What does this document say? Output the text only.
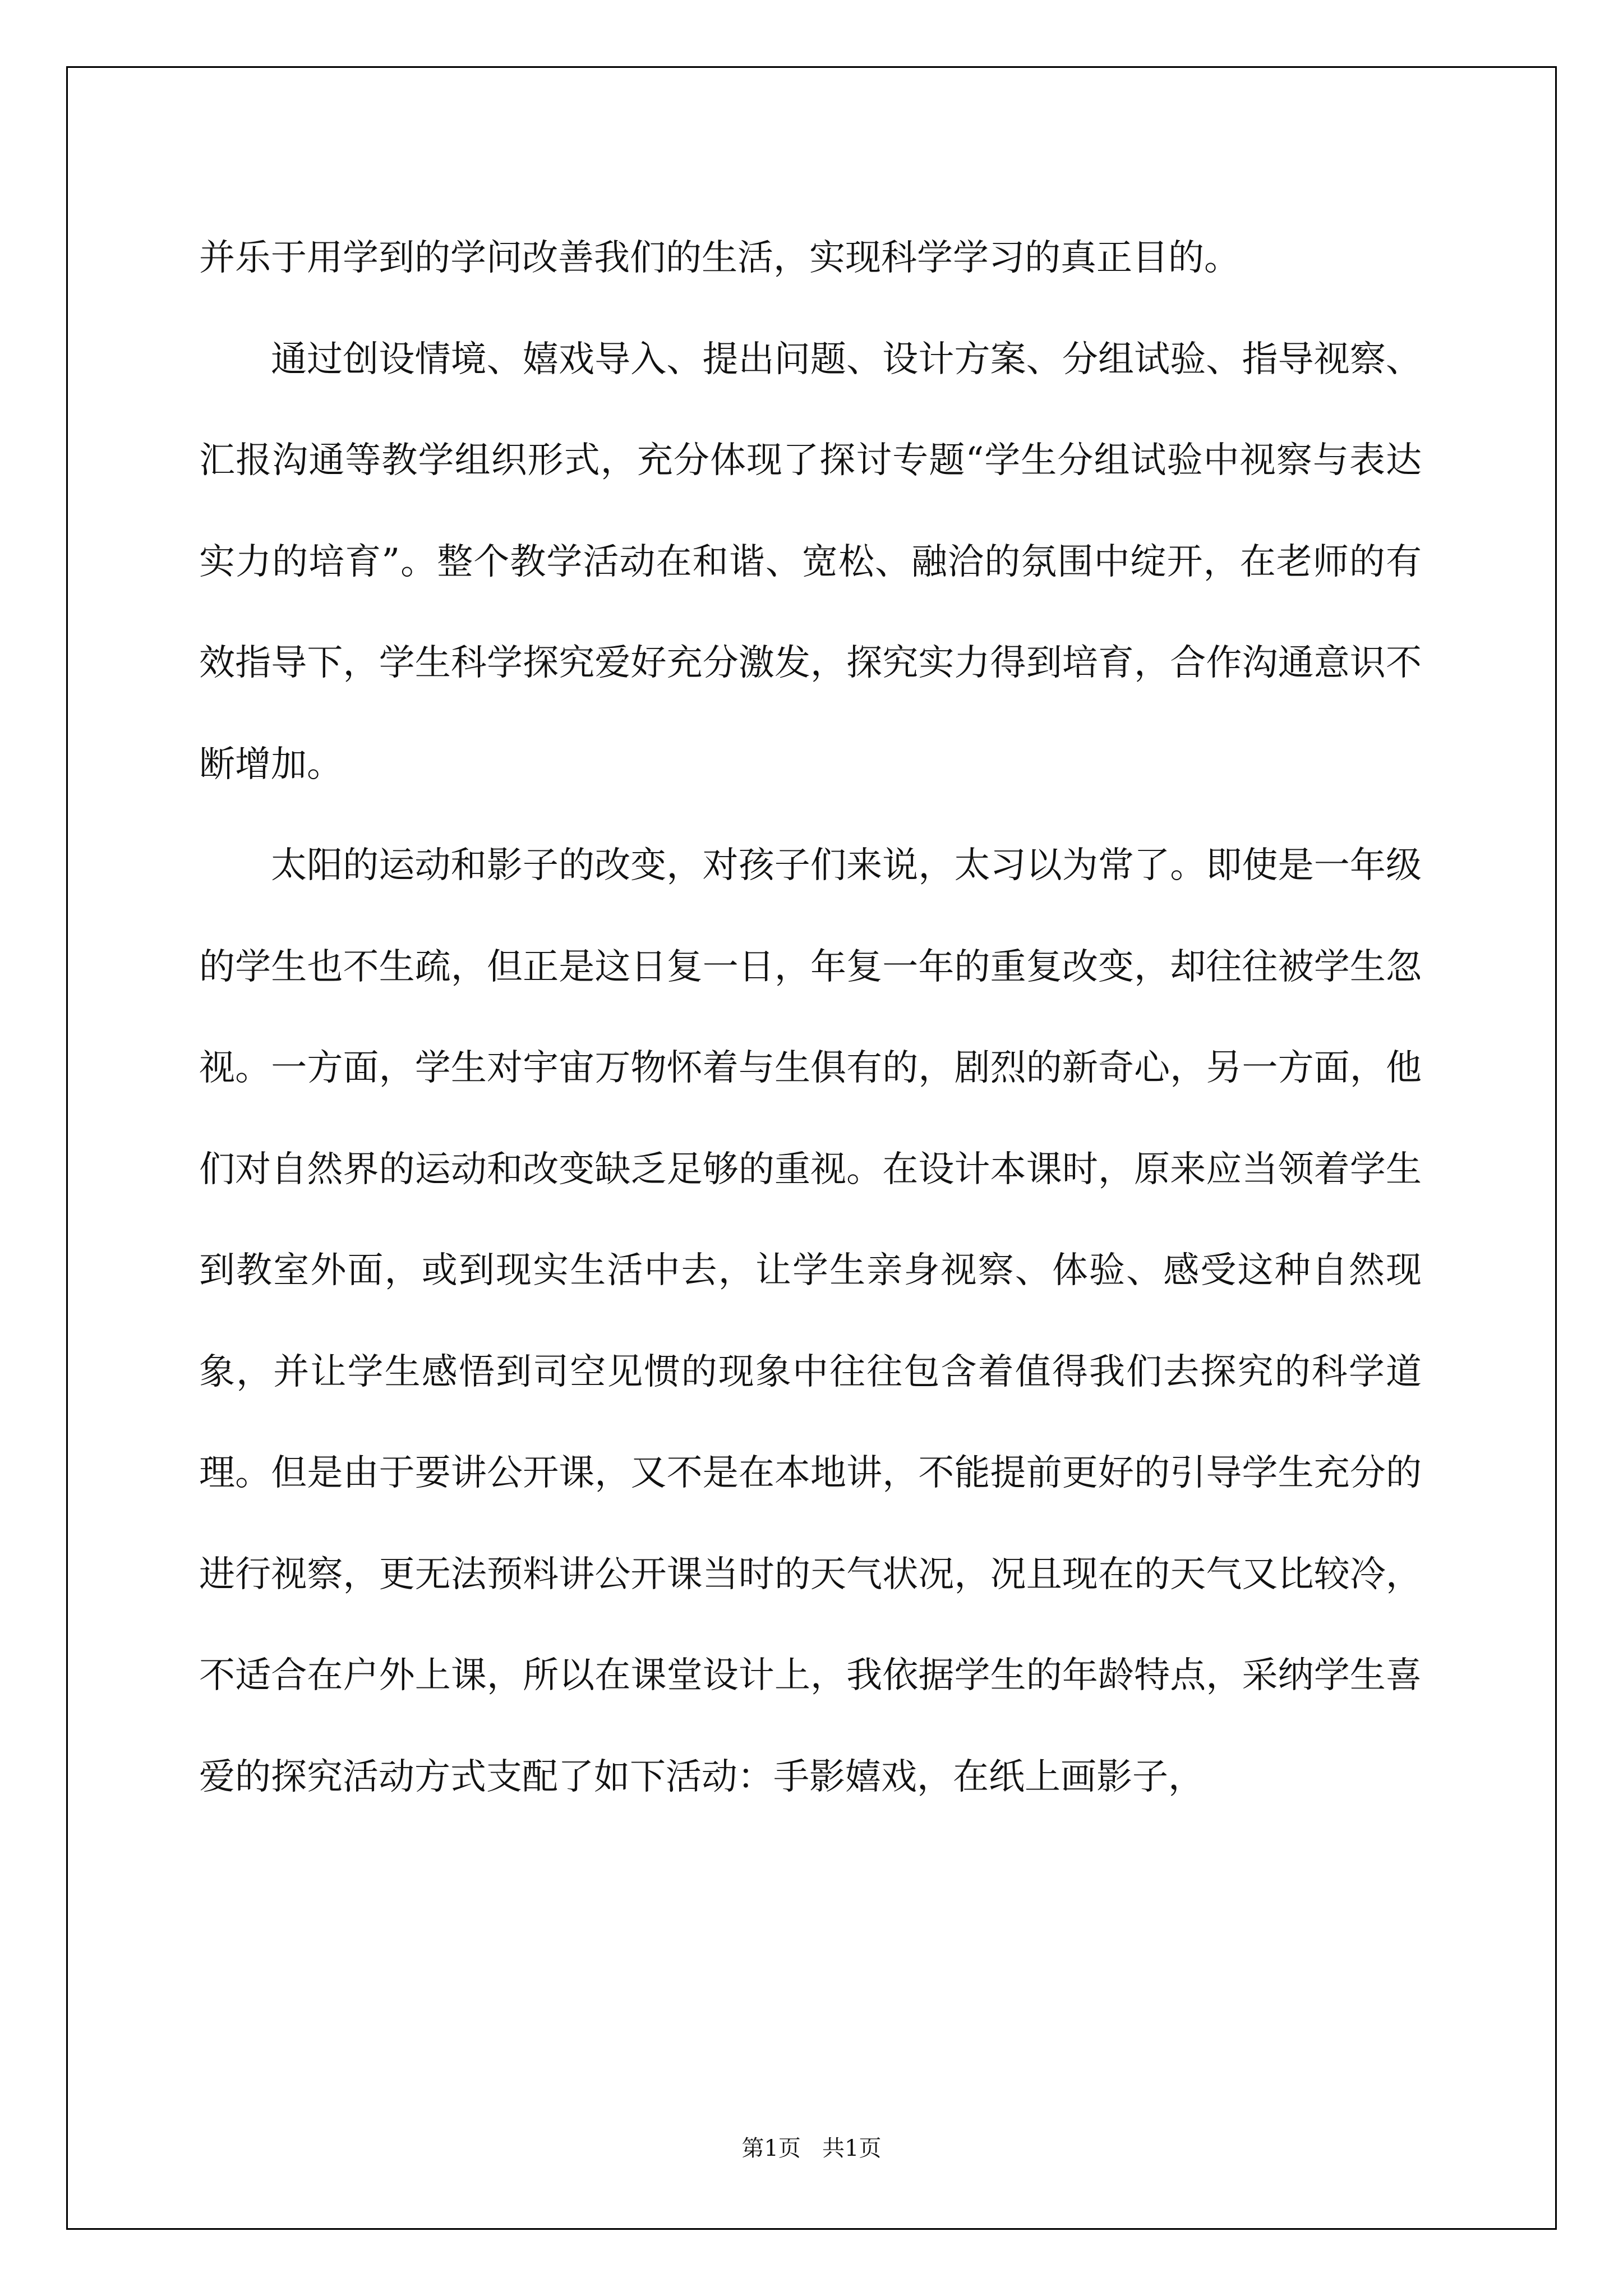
并乐于用学到的学问改善我们的生活，实现科学学习的真正目的。

通过创设情境、嬉戏导入、提出问题、设计方案、分组试验、指导视察、汇报沟通等教学组织形式，充分体现了探讨专题“学生分组试验中视察与表达实力的培育”。整个教学活动在和谐、宽松、融洽的氛围中绽开，在老师的有效指导下，学生科学探究爱好充分激发，探究实力得到培育，合作沟通意识不断增加。

太阳的运动和影子的改变，对孩子们来说，太习以为常了。即使是一年级的学生也不生疏，但正是这日复一日，年复一年的重复改变，却往往被学生忽视。一方面，学生对宇宙万物怀着与生俱有的，剧烈的新奇心，另一方面，他们对自然界的运动和改变缺乏足够的重视。在设计本课时，原来应当领着学生到教室外面，或到现实生活中去，让学生亲身视察、体验、感受这种自然现象，并让学生感悟到司空见惯的现象中往往包含着值得我们去探究的科学道理。但是由于要讲公开课，又不是在本地讲，不能提前更好的引导学生充分的进行视察，更无法预料讲公开课当时的天气状况，况且现在的天气又比较冷，不适合在户外上课，所以在课堂设计上，我依据学生的年龄特点，采纳学生喜爱的探究活动方式支配了如下活动：手影嬉戏，在纸上画影子，

第1页   共1页
